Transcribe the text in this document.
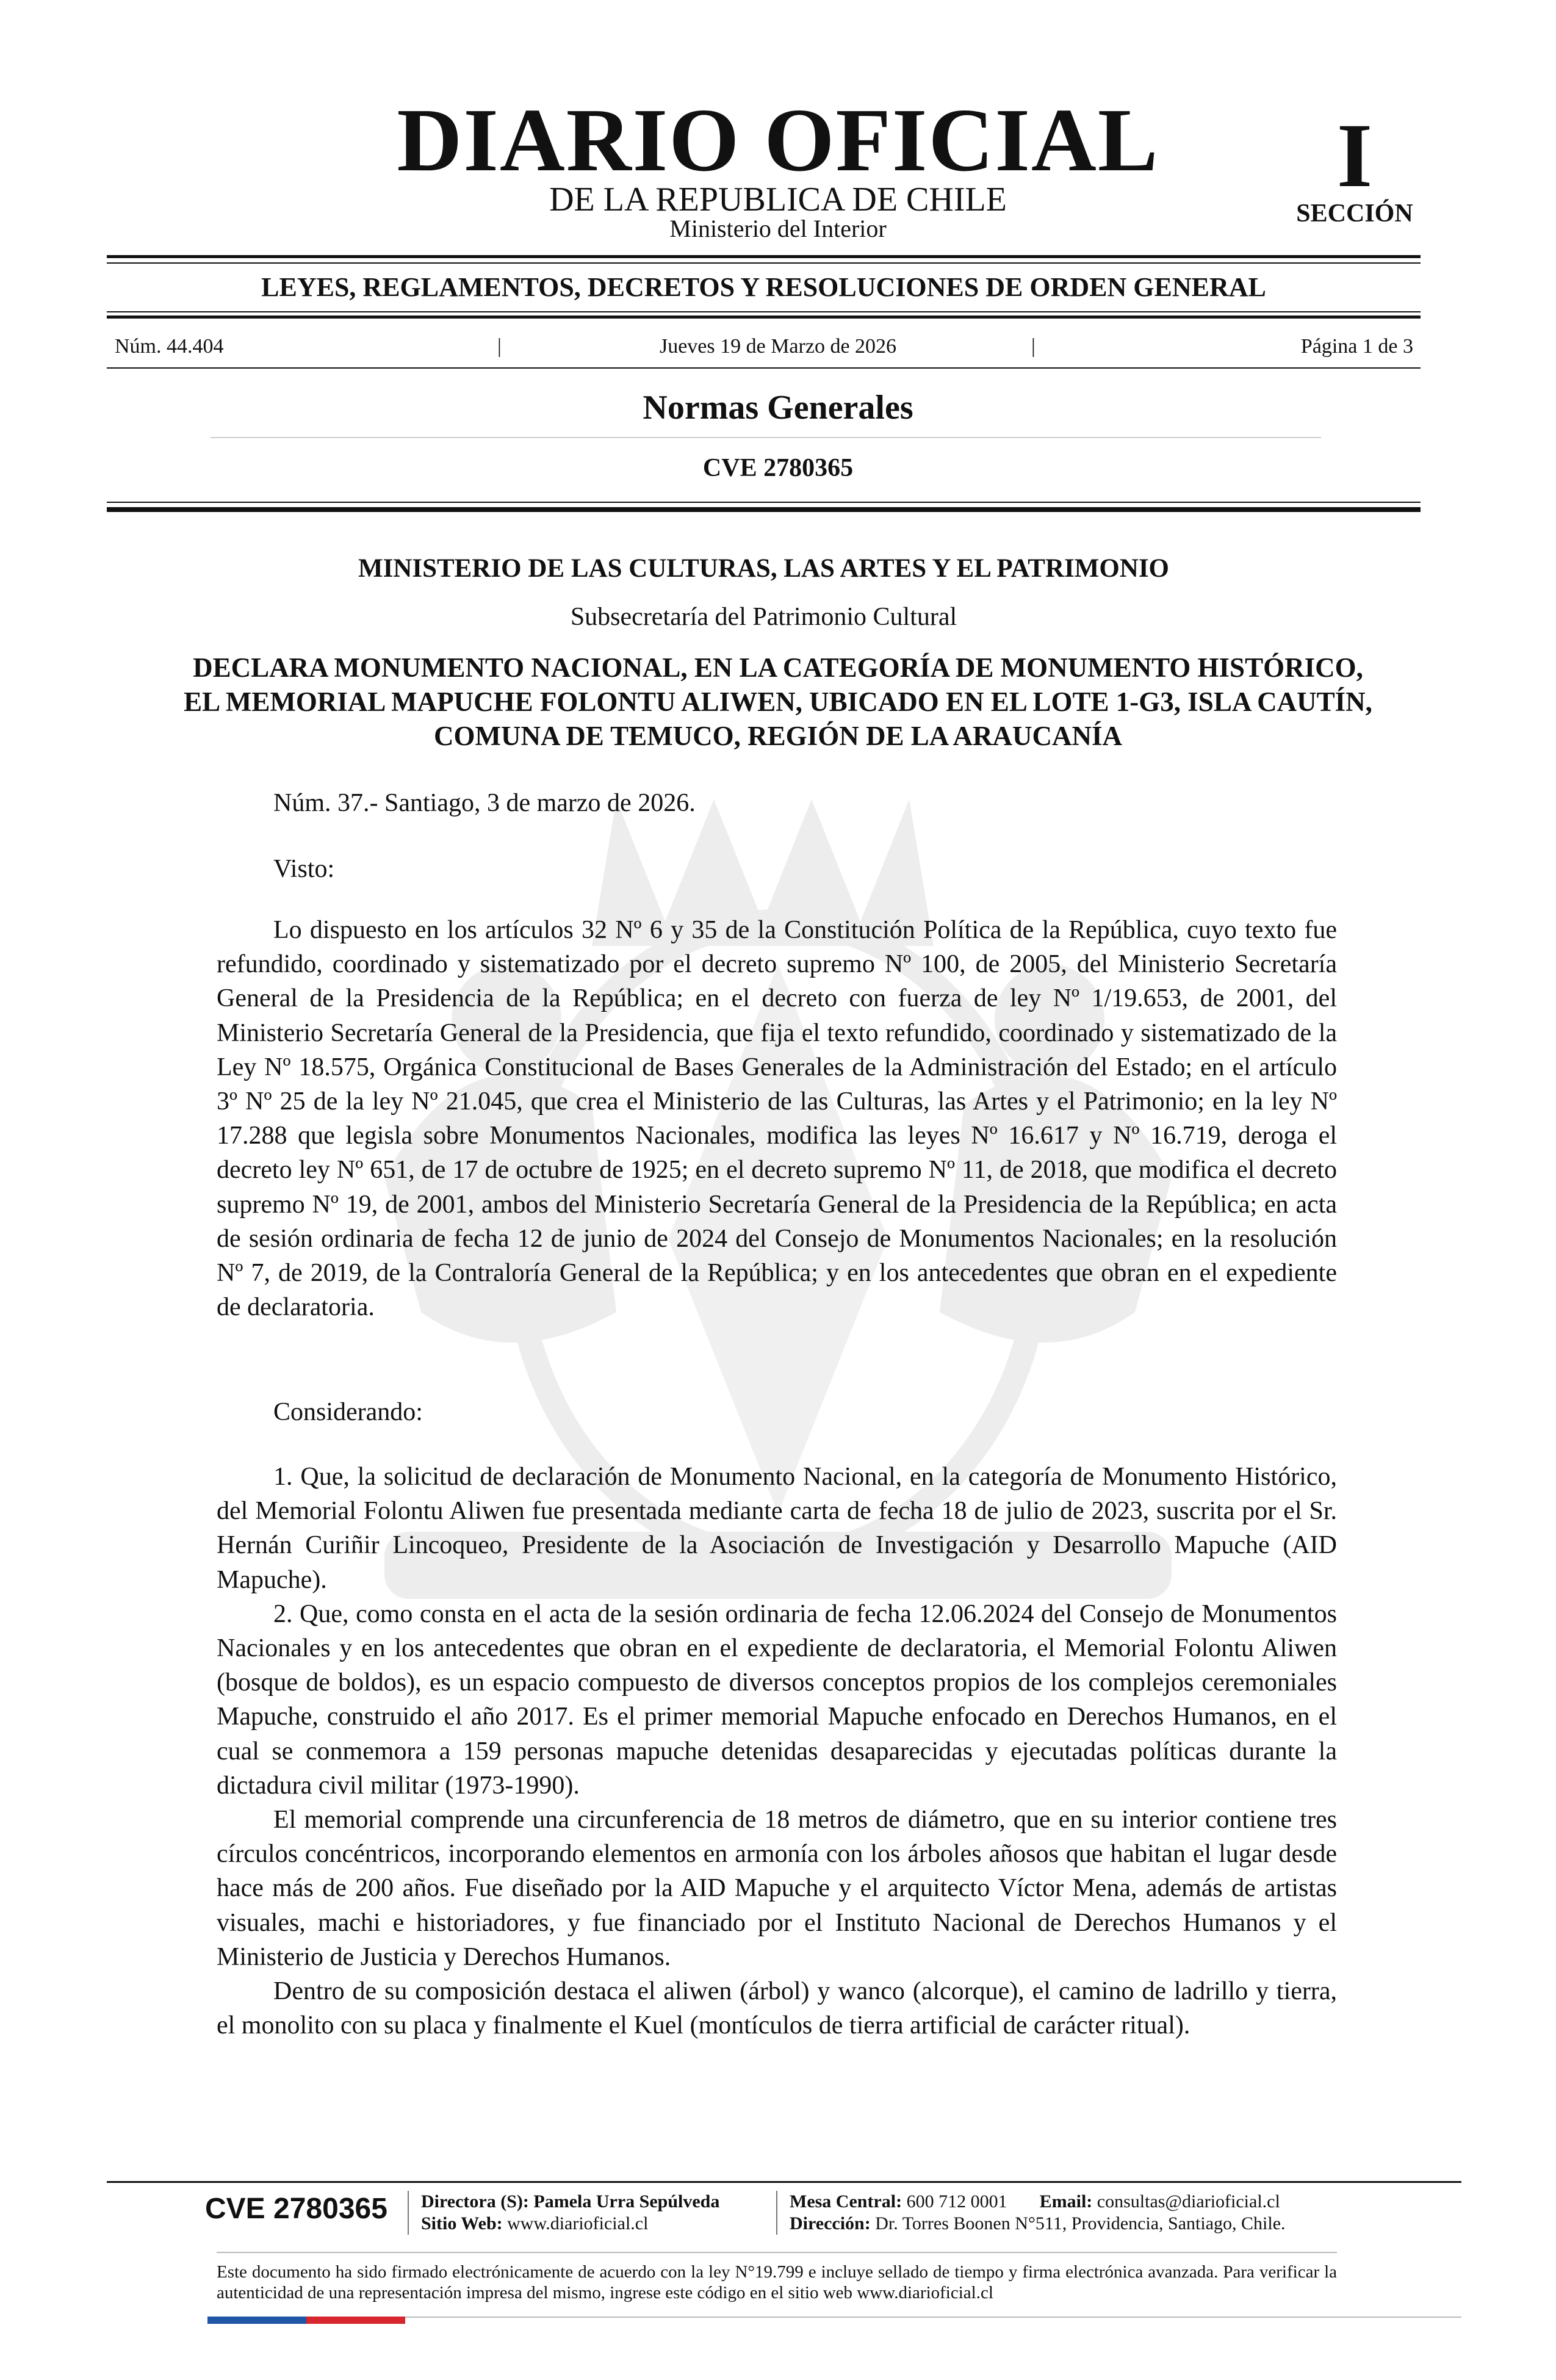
DIARIO OFICIAL
DE LA REPUBLICA DE CHILE
Ministerio del Interior
I
SECCIÓN
LEYES, REGLAMENTOS, DECRETOS Y RESOLUCIONES DE ORDEN GENERAL
Núm. 44.404	|	Jueves 19 de Marzo de 2026	|	Página 1 de 3
Normas Generales
CVE 2780365
MINISTERIO DE LAS CULTURAS, LAS ARTES Y EL PATRIMONIO
Subsecretaría del Patrimonio Cultural
DECLARA MONUMENTO NACIONAL, EN LA CATEGORÍA DE MONUMENTO HISTÓRICO, EL MEMORIAL MAPUCHE FOLONTU ALIWEN, UBICADO EN EL LOTE 1-G3, ISLA CAUTÍN, COMUNA DE TEMUCO, REGIÓN DE LA ARAUCANÍA
Núm. 37.- Santiago, 3 de marzo de 2026.
Visto:

Lo dispuesto en los artículos 32 Nº 6 y 35 de la Constitución Política de la República, cuyo texto fue refundido, coordinado y sistematizado por el decreto supremo Nº 100, de 2005, del Ministerio Secretaría General de la Presidencia de la República; en el decreto con fuerza de ley Nº 1/19.653, de 2001, del Ministerio Secretaría General de la Presidencia, que fija el texto refundido, coordinado y sistematizado de la Ley Nº 18.575, Orgánica Constitucional de Bases Generales de la Administración del Estado; en el artículo 3º Nº 25 de la ley Nº 21.045, que crea el Ministerio de las Culturas, las Artes y el Patrimonio; en la ley Nº 17.288 que legisla sobre Monumentos Nacionales, modifica las leyes Nº 16.617 y Nº 16.719, deroga el decreto ley Nº 651, de 17 de octubre de 1925; en el decreto supremo Nº 11, de 2018, que modifica el decreto supremo Nº 19, de 2001, ambos del Ministerio Secretaría General de la Presidencia de la República; en acta de sesión ordinaria de fecha 12 de junio de 2024 del Consejo de Monumentos Nacionales; en la resolución Nº 7, de 2019, de la Contraloría General de la República; y en los antecedentes que obran en el expediente de declaratoria.

Considerando:

1. Que, la solicitud de declaración de Monumento Nacional, en la categoría de Monumento Histórico, del Memorial Folontu Aliwen fue presentada mediante carta de fecha 18 de julio de 2023, suscrita por el Sr. Hernán Curiñir Lincoqueo, Presidente de la Asociación de Investigación y Desarrollo Mapuche (AID Mapuche).

2. Que, como consta en el acta de la sesión ordinaria de fecha 12.06.2024 del Consejo de Monumentos Nacionales y en los antecedentes que obran en el expediente de declaratoria, el Memorial Folontu Aliwen (bosque de boldos), es un espacio compuesto de diversos conceptos propios de los complejos ceremoniales Mapuche, construido el año 2017. Es el primer memorial Mapuche enfocado en Derechos Humanos, en el cual se conmemora a 159 personas mapuche detenidas desaparecidas y ejecutadas políticas durante la dictadura civil militar (1973-1990).

El memorial comprende una circunferencia de 18 metros de diámetro, que en su interior contiene tres círculos concéntricos, incorporando elementos en armonía con los árboles añosos que habitan el lugar desde hace más de 200 años. Fue diseñado por la AID Mapuche y el arquitecto Víctor Mena, además de artistas visuales, machi e historiadores, y fue financiado por el Instituto Nacional de Derechos Humanos y el Ministerio de Justicia y Derechos Humanos.

Dentro de su composición destaca el aliwen (árbol) y wanco (alcorque), el camino de ladrillo y tierra, el monolito con su placa y finalmente el Kuel (montículos de tierra artificial de carácter ritual).

CVE 2780365	Directora (S): Pamela Urra Sepúlveda
Sitio Web: www.diarioficial.cl
Mesa Central: 600 712 0001 Email: consultas@diarioficial.cl
Dirección: Dr. Torres Boonen N°511, Providencia, Santiago, Chile.
Este documento ha sido firmado electrónicamente de acuerdo con la ley N°19.799 e incluye sellado de tiempo y firma electrónica avanzada. Para verificar la autenticidad de una representación impresa del mismo, ingrese este código en el sitio web www.diarioficial.cl
